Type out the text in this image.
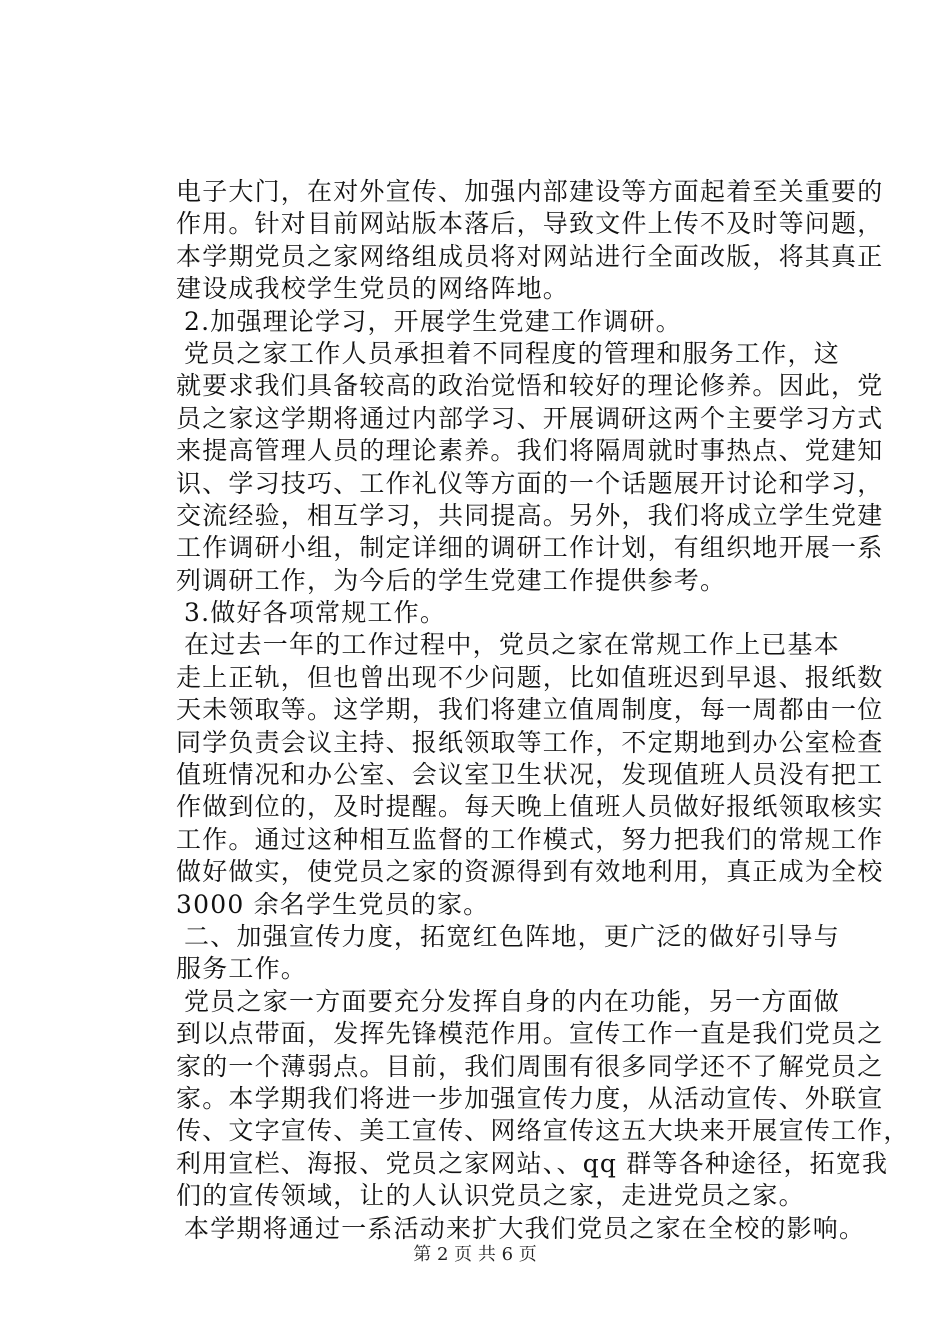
电子大门，在对外宣传、加强内部建设等方面起着至关重要的
作用。针对目前网站版本落后，导致文件上传不及时等问题，
本学期党员之家网络组成员将对网站进行全面改版，将其真正
建设成我校学生党员的网络阵地。
2.加强理论学习，开展学生党建工作调研。
党员之家工作人员承担着不同程度的管理和服务工作，这
就要求我们具备较高的政治觉悟和较好的理论修养。因此，党
员之家这学期将通过内部学习、开展调研这两个主要学习方式
来提高管理人员的理论素养。我们将隔周就时事热点、党建知
识、学习技巧、工作礼仪等方面的一个话题展开讨论和学习，
交流经验，相互学习，共同提高。另外，我们将成立学生党建
工作调研小组，制定详细的调研工作计划，有组织地开展一系
列调研工作，为今后的学生党建工作提供参考。
3.做好各项常规工作。
在过去一年的工作过程中，党员之家在常规工作上已基本
走上正轨，但也曾出现不少问题，比如值班迟到早退、报纸数
天未领取等。这学期，我们将建立值周制度，每一周都由一位
同学负责会议主持、报纸领取等工作，不定期地到办公室检查
值班情况和办公室、会议室卫生状况，发现值班人员没有把工
作做到位的，及时提醒。每天晚上值班人员做好报纸领取核实
工作。通过这种相互监督的工作模式，努力把我们的常规工作
做好做实，使党员之家的资源得到有效地利用，真正成为全校
3000 余名学生党员的家。
二、加强宣传力度，拓宽红色阵地，更广泛的做好引导与
服务工作。
党员之家一方面要充分发挥自身的内在功能，另一方面做
到以点带面，发挥先锋模范作用。宣传工作一直是我们党员之
家的一个薄弱点。目前，我们周围有很多同学还不了解党员之
家。本学期我们将进一步加强宣传力度，从活动宣传、外联宣
传、文字宣传、美工宣传、网络宣传这五大块来开展宣传工作，
利用宣栏、海报、党员之家网站、、qq 群等各种途径，拓宽我
们的宣传领域，让的人认识党员之家，走进党员之家。
本学期将通过一系活动来扩大我们党员之家在全校的影响。
第 2 页 共 6 页
